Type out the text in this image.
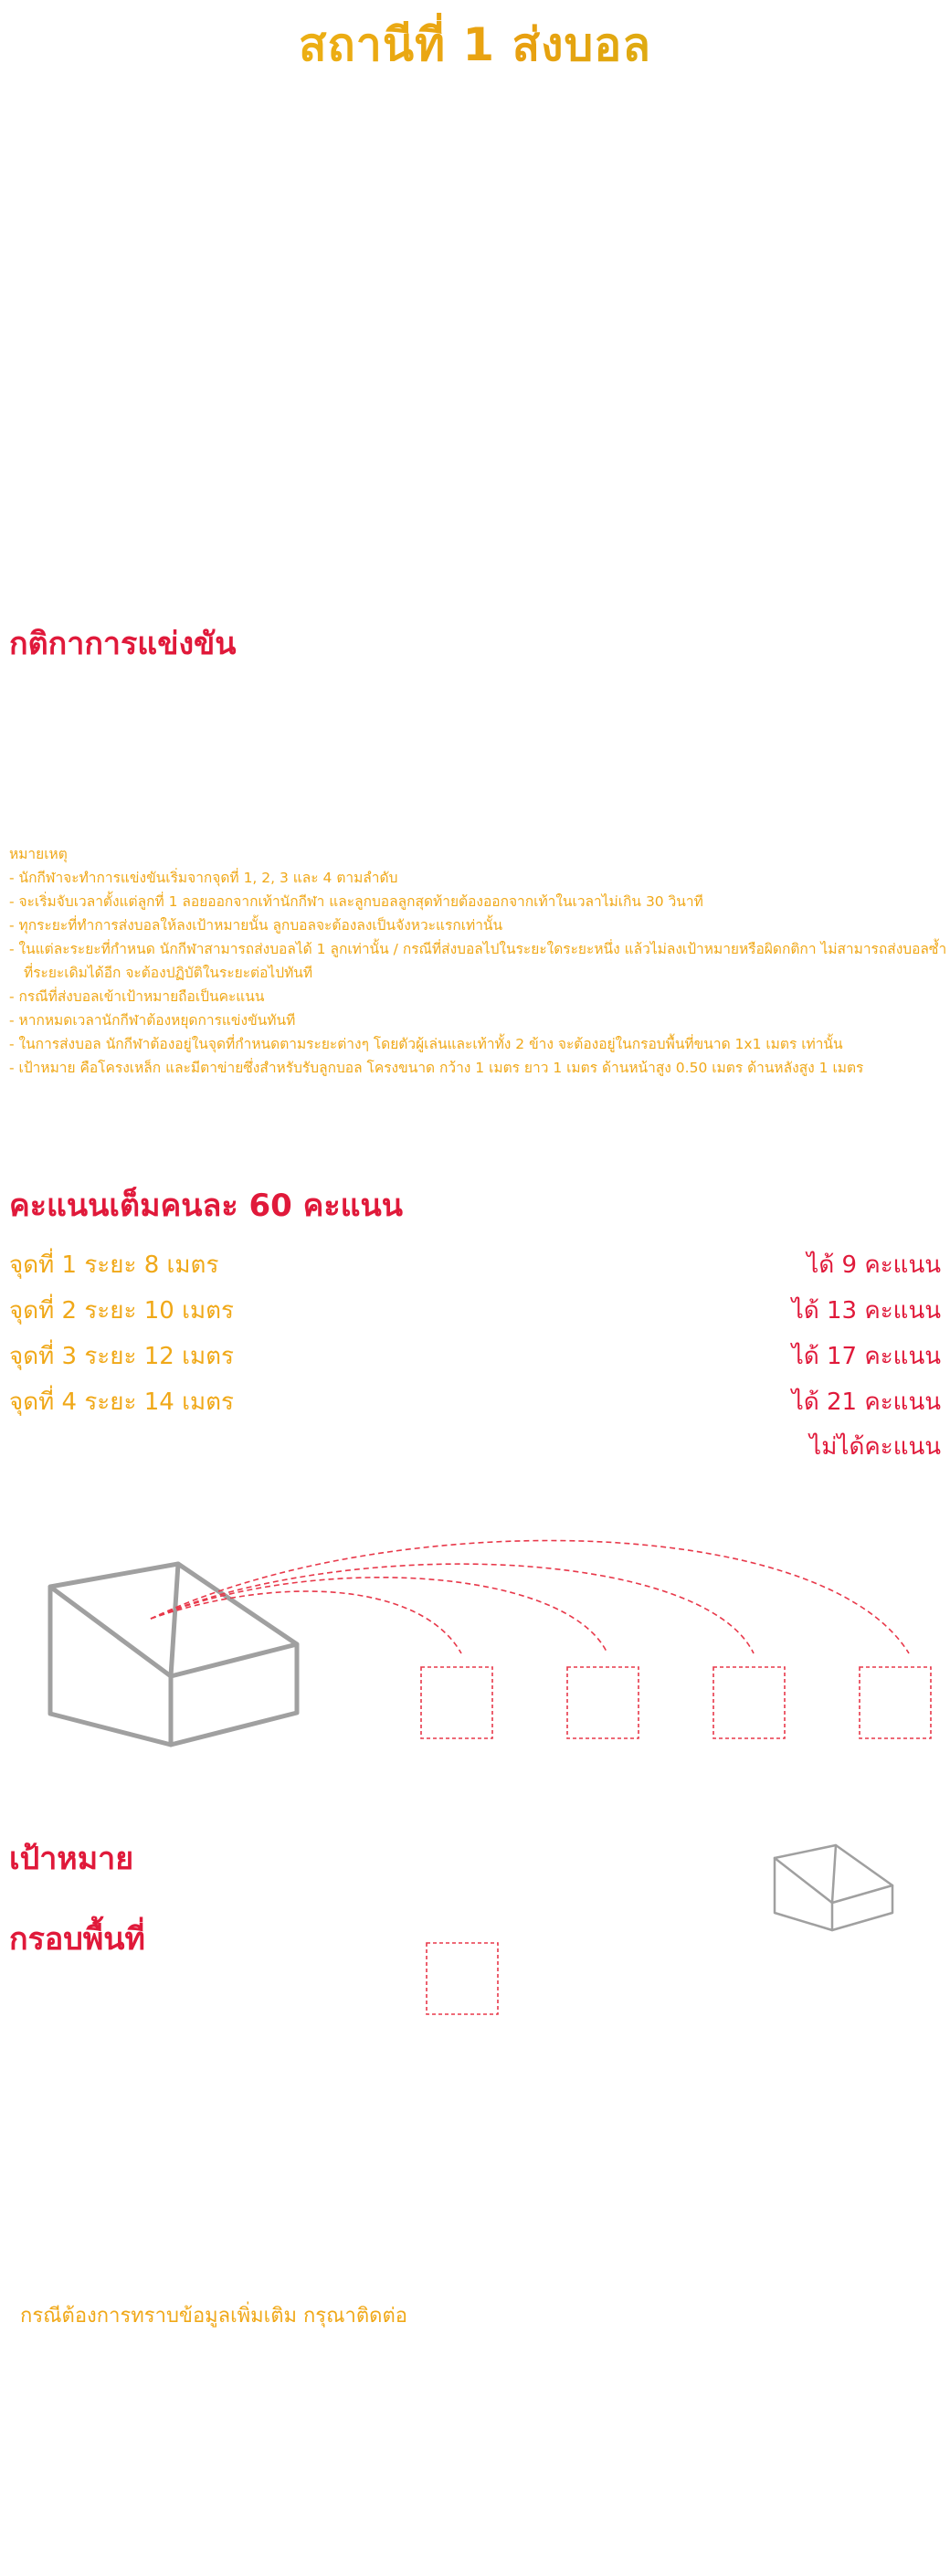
สถานีที่ 1 ส่งบอล
กติกาการแข่งขัน
หมายเหตุ
- นักกีฬาจะทำการแข่งขันเริ่มจากจุดที่ 1, 2, 3 และ 4 ตามลำดับ
- จะเริ่มจับเวลาตั้งแต่ลูกที่ 1 ลอยออกจากเท้านักกีฬา และลูกบอลลูกสุดท้ายต้องออกจากเท้าในเวลาไม่เกิน 30 วินาที
- ทุกระยะที่ทำการส่งบอลให้ลงเป้าหมายนั้น ลูกบอลจะต้องลงเป็นจังหวะแรกเท่านั้น
- ในแต่ละระยะที่กำหนด นักกีฬาสามารถส่งบอลได้ 1 ลูกเท่านั้น / กรณีที่ส่งบอลไปในระยะใดระยะหนึ่ง แล้วไม่ลงเป้าหมายหรือผิดกติกา ไม่สามารถส่งบอลซ้ำ
ที่ระยะเดิมได้อีก จะต้องปฏิบัติในระยะต่อไปทันที
- กรณีที่ส่งบอลเข้าเป้าหมายถือเป็นคะแนน
- หากหมดเวลานักกีฬาต้องหยุดการแข่งขันทันที
- ในการส่งบอล นักกีฬาต้องอยู่ในจุดที่กำหนดตามระยะต่างๆ โดยตัวผู้เล่นและเท้าทั้ง 2 ข้าง จะต้องอยู่ในกรอบพื้นที่ขนาด 1x1 เมตร เท่านั้น
- เป้าหมาย คือโครงเหล็ก และมีตาข่ายซึ่งสำหรับรับลูกบอล โครงขนาด กว้าง 1 เมตร ยาว 1 เมตร ด้านหน้าสูง 0.50 เมตร ด้านหลังสูง 1 เมตร
คะแนนเต็มคนละ 60 คะแนน
จุดที่ 1 ระยะ 8 เมตร	ได้ 9 คะแนน
จุดที่ 2 ระยะ 10 เมตร	ได้ 13 คะแนน
จุดที่ 3 ระยะ 12 เมตร	ได้ 17 คะแนน
จุดที่ 4 ระยะ 14 เมตร	ได้ 21 คะแนน
ไม่ได้คะแนน
เป้าหมาย
กรอบพื้นที่
กรณีต้องการทราบข้อมูลเพิ่มเติม กรุณาติดต่อ
